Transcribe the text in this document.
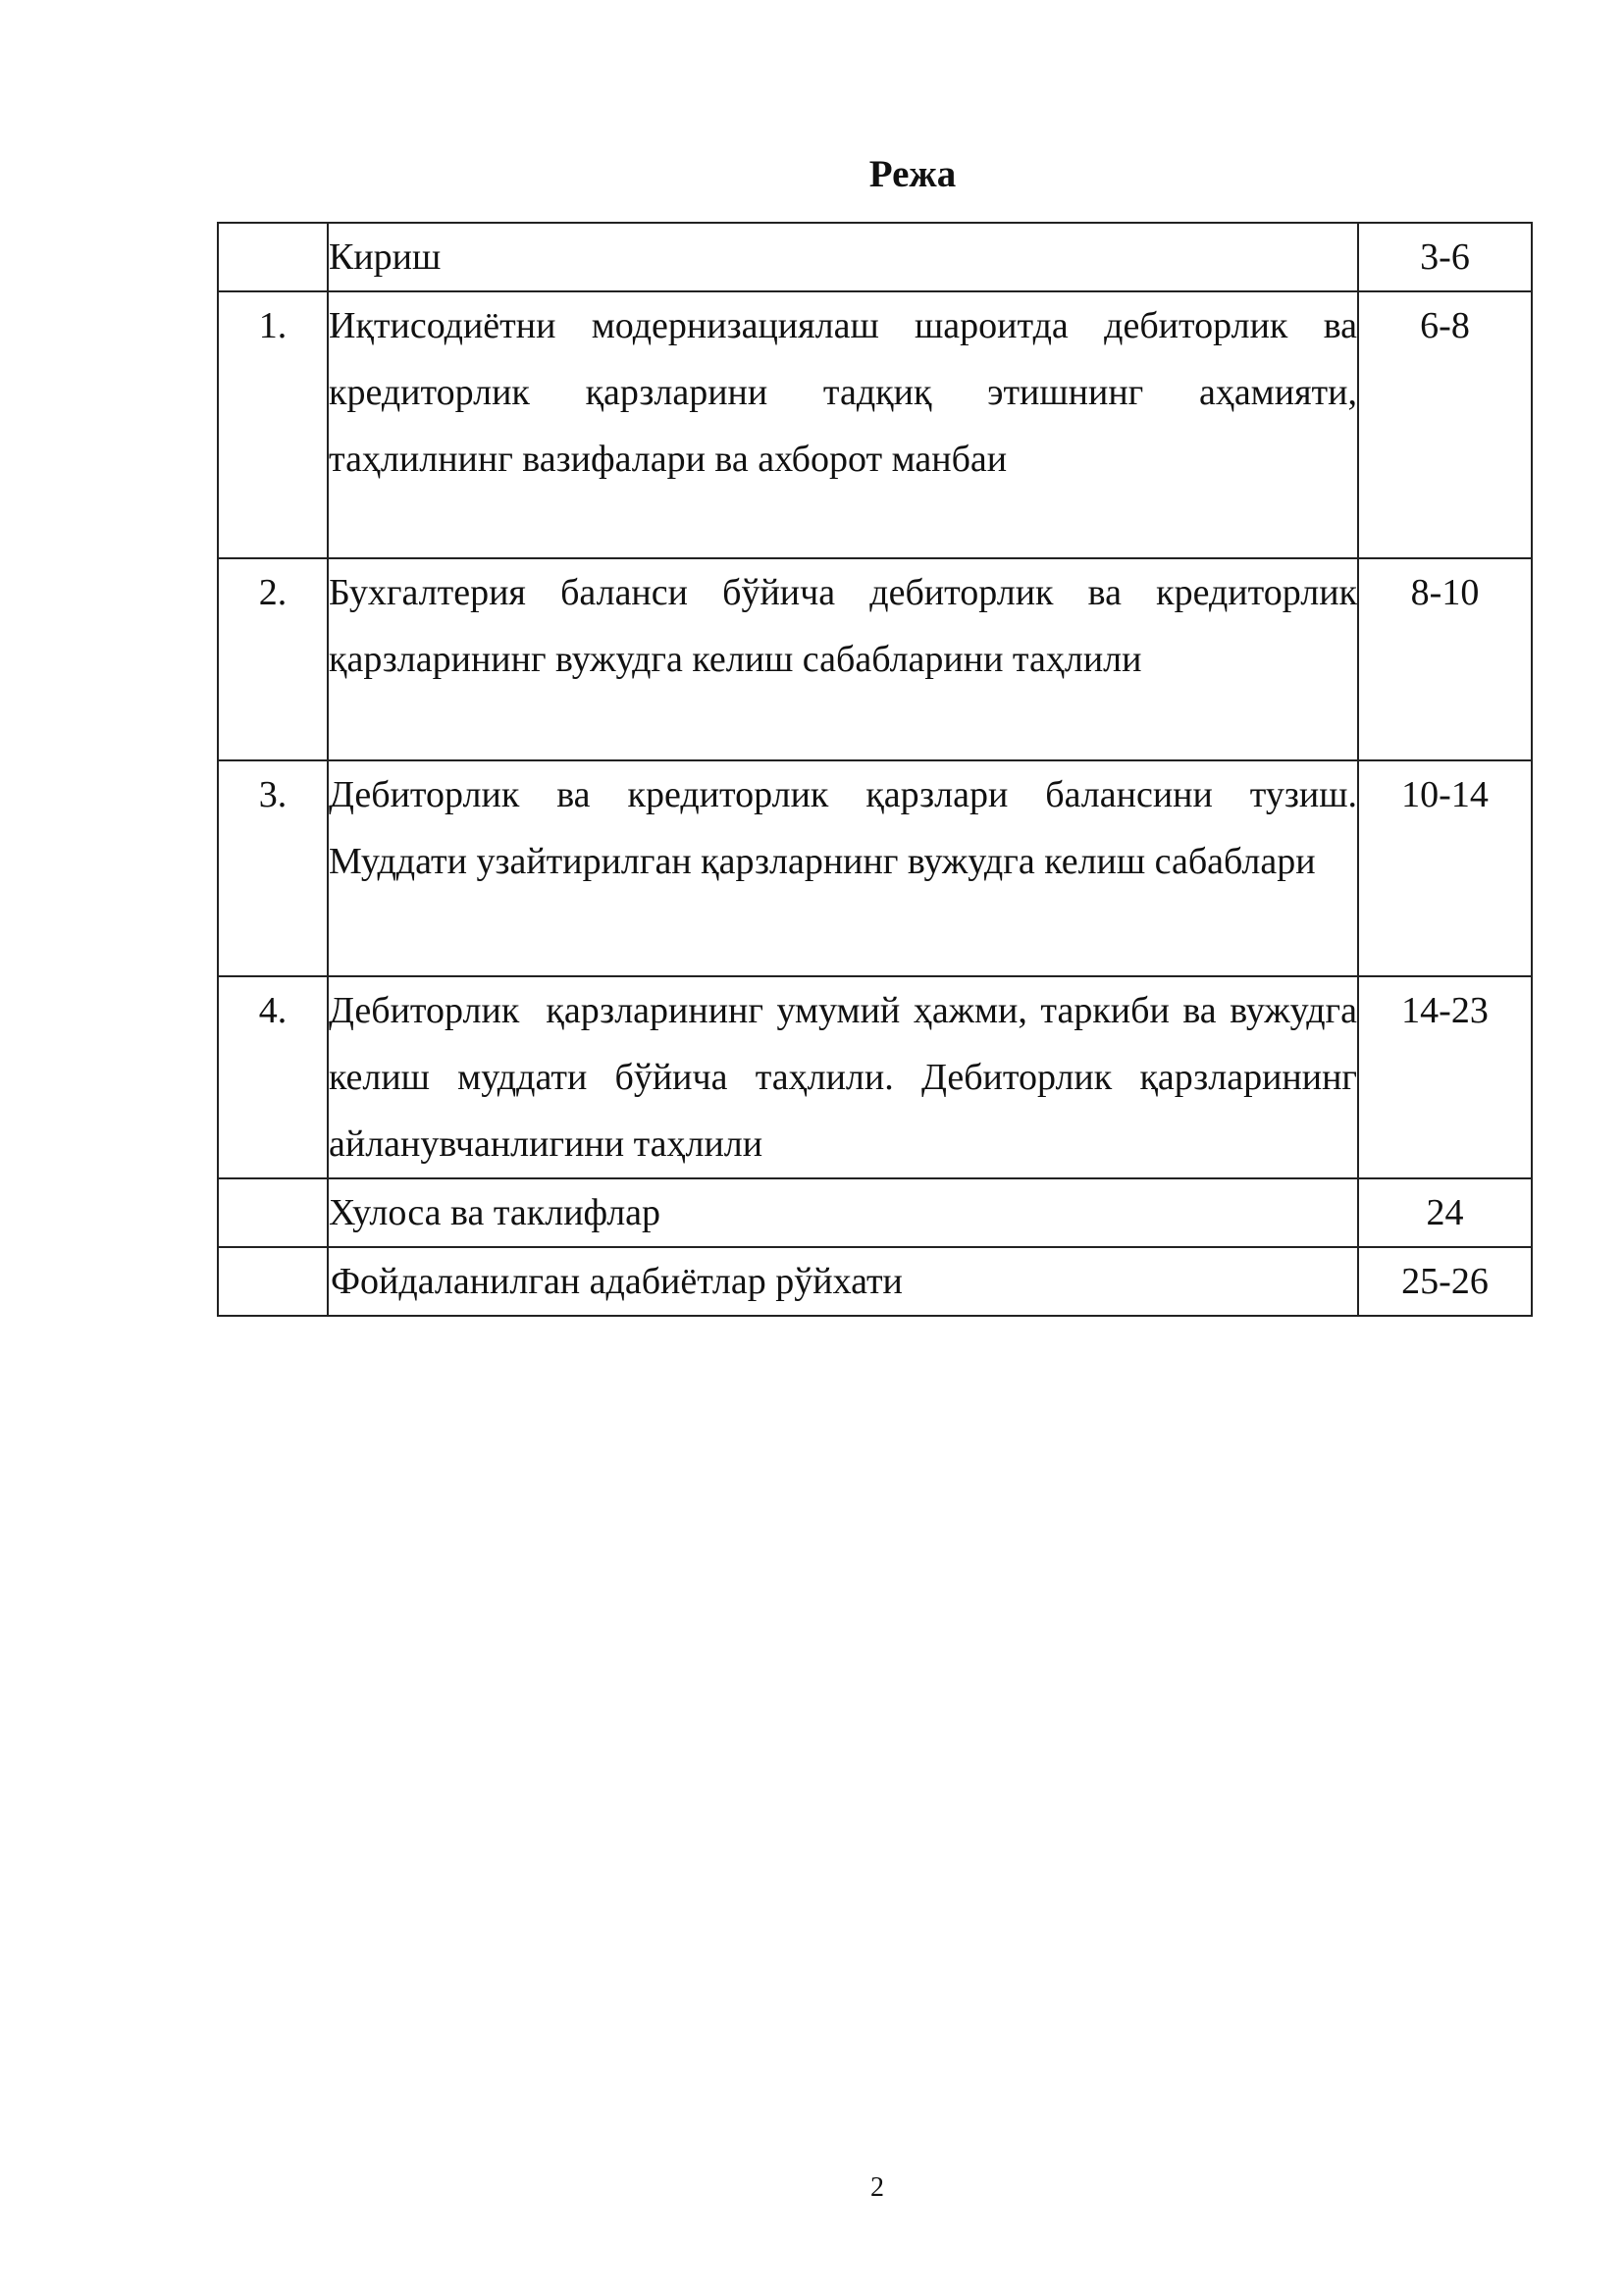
Режа
	Кириш	3-6
1.	Иқтисодиётни модернизациялаш шароитда дебиторлик ва кредиторлик қарзларини тадқиқ этишнинг аҳамияти, таҳлилнинг вазифалари ва ахборот манбаи	6-8
2.	Бухгалтерия баланси бўйича дебиторлик ва кредиторлик қарзларининг вужудга келиш сабабларини таҳлили	8-10
3.	Дебиторлик ва кредиторлик қарзлари балансини тузиш. Муддати узайтирилган қарзларнинг вужудга келиш сабаблари	10-14
4.	Дебиторлик  қарзларининг умумий ҳажми, таркиби ва вужудга келиш муддати бўйича таҳлили. Дебиторлик қарзларининг айланувчанлигини таҳлили	14-23
	Хулоса ва таклифлар	24
	Фойдаланилган адабиётлар рўйхати	25-26
2
